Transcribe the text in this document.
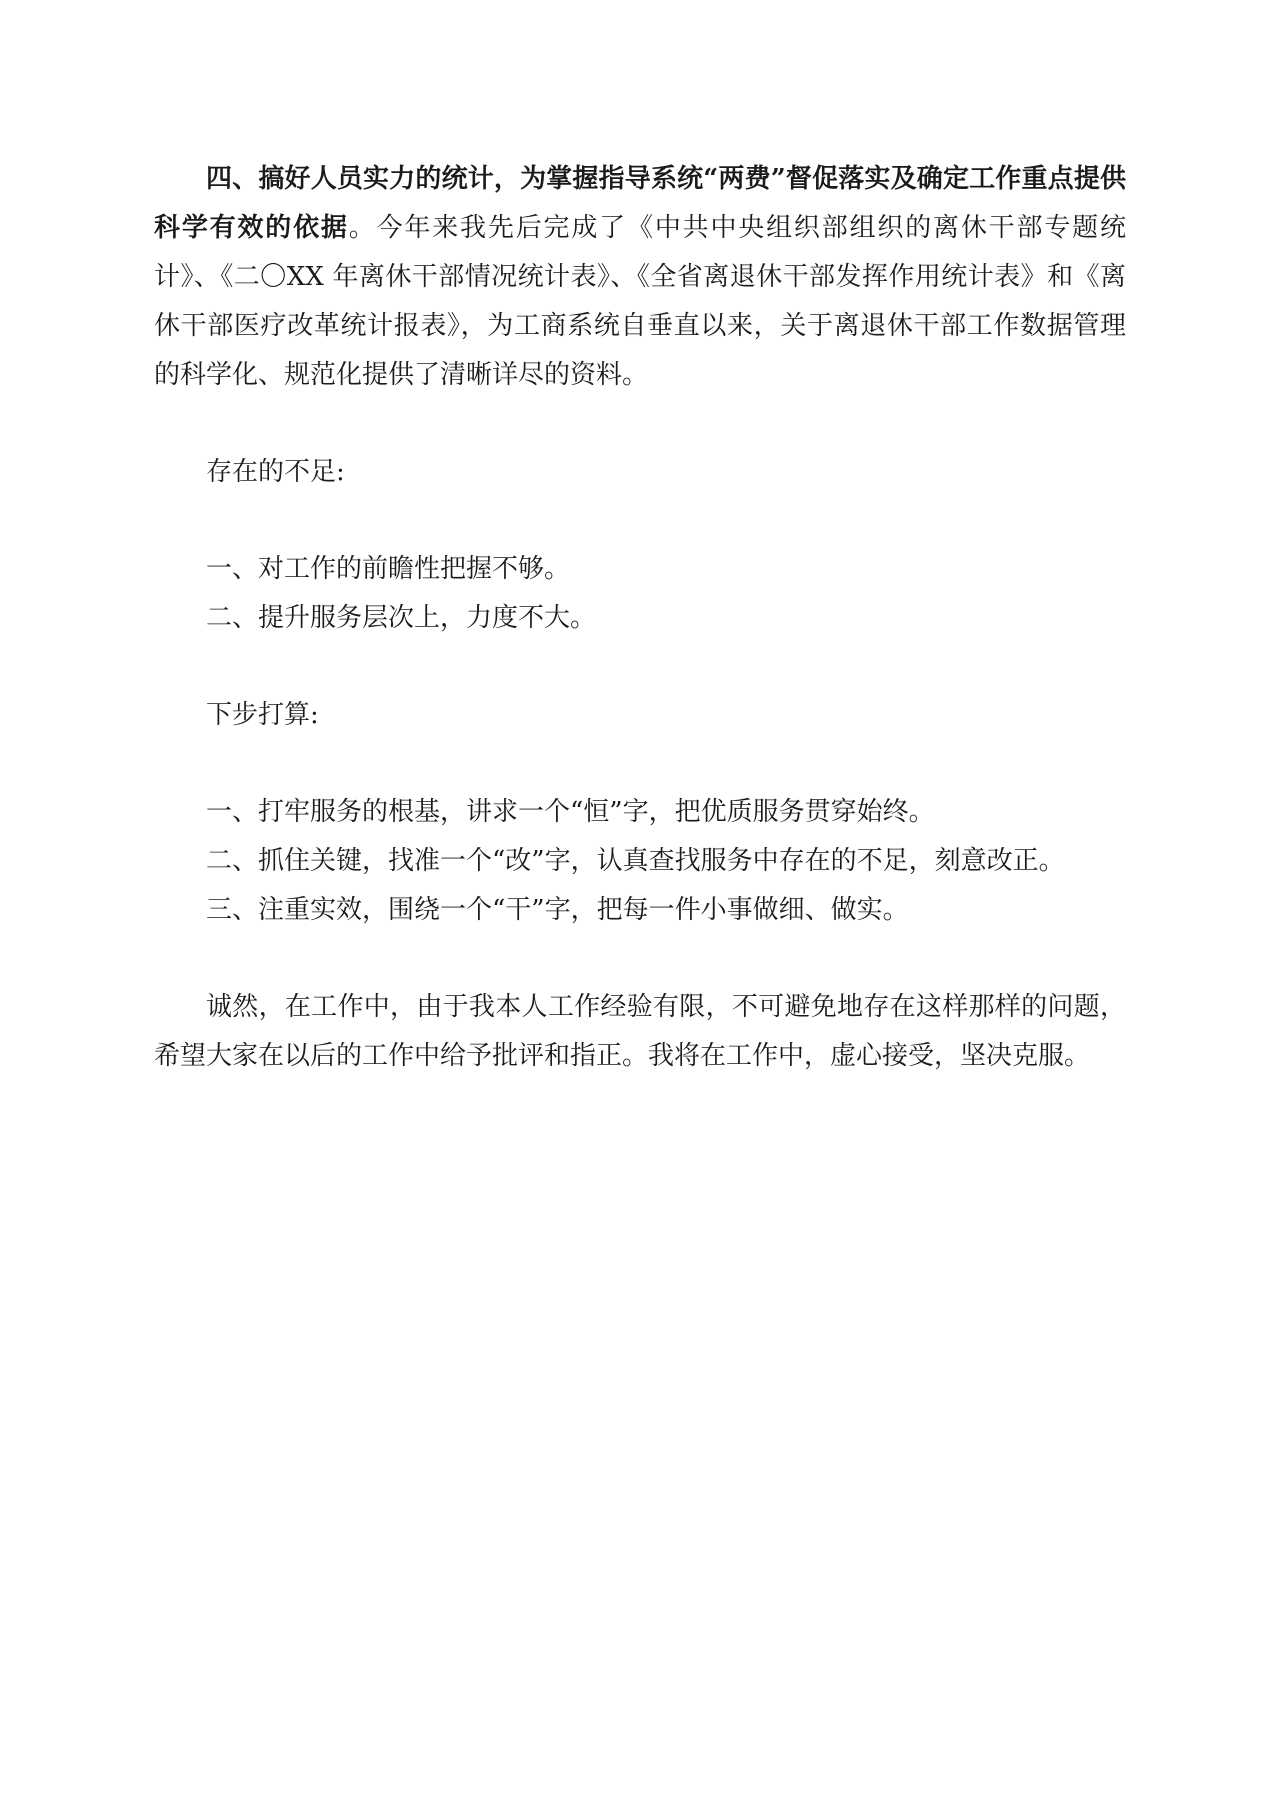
四、搞好人员实力的统计，为掌握指导系统“两费”督促落实及确定工作重点提供科学有效的依据。今年来我先后完成了《中共中央组织部组织的离休干部专题统计》、《二〇XX 年离休干部情况统计表》、《全省离退休干部发挥作用统计表》和《离休干部医疗改革统计报表》，为工商系统自垂直以来，关于离退休干部工作数据管理的科学化、规范化提供了清晰详尽的资料。

存在的不足:

一、对工作的前瞻性把握不够。

二、提升服务层次上，力度不大。

下步打算:

一、打牢服务的根基，讲求一个“恒”字，把优质服务贯穿始终。

二、抓住关键，找准一个“改”字，认真查找服务中存在的不足，刻意改正。

三、注重实效，围绕一个“干”字，把每一件小事做细、做实。

诚然，在工作中，由于我本人工作经验有限，不可避免地存在这样那样的问题，希望大家在以后的工作中给予批评和指正。我将在工作中，虚心接受，坚决克服。
